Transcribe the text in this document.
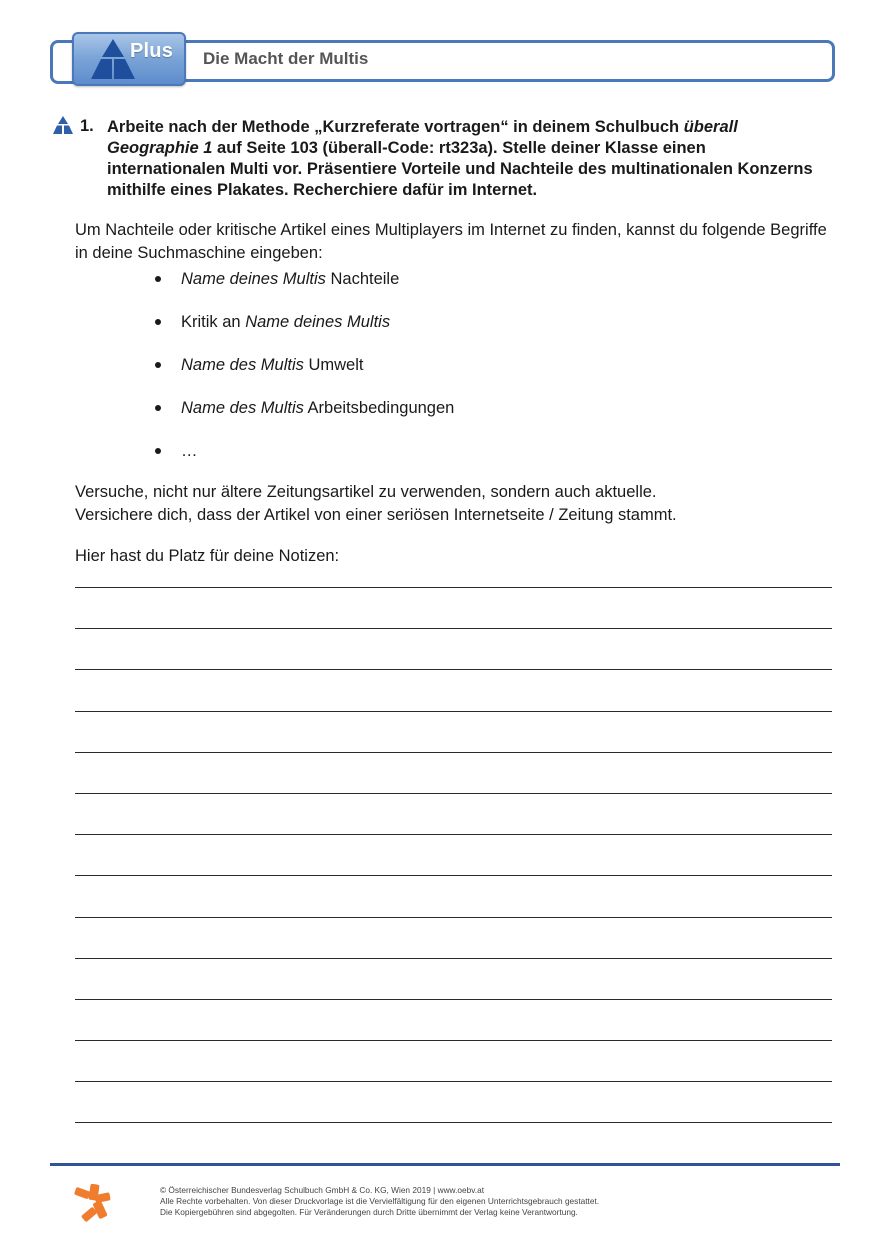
Plus Die Macht der Multis
1. Arbeite nach der Methode „Kurzreferate vortragen“ in deinem Schulbuch überall Geographie 1 auf Seite 103 (überall-Code: rt323a). Stelle deiner Klasse einen internationalen Multi vor. Präsentiere Vorteile und Nachteile des multinationalen Konzerns mithilfe eines Plakates. Recherchiere dafür im Internet.
Um Nachteile oder kritische Artikel eines Multiplayers im Internet zu finden, kannst du folgende Begriffe in deine Suchmaschine eingeben:
Name deines Multis Nachteile
Kritik an Name deines Multis
Name des Multis Umwelt
Name des Multis Arbeitsbedingungen
…
Versuche, nicht nur ältere Zeitungsartikel zu verwenden, sondern auch aktuelle.
Versichere dich, dass der Artikel von einer seriösen Internetseite / Zeitung stammt.
Hier hast du Platz für deine Notizen:
© Österreichischer Bundesverlag Schulbuch GmbH & Co. KG, Wien 2019 | www.oebv.at
Alle Rechte vorbehalten. Von dieser Druckvorlage ist die Vervielfältigung für den eigenen Unterrichtsgebrauch gestattet.
Die Kopiergebühren sind abgegolten. Für Veränderungen durch Dritte übernimmt der Verlag keine Verantwortung.
